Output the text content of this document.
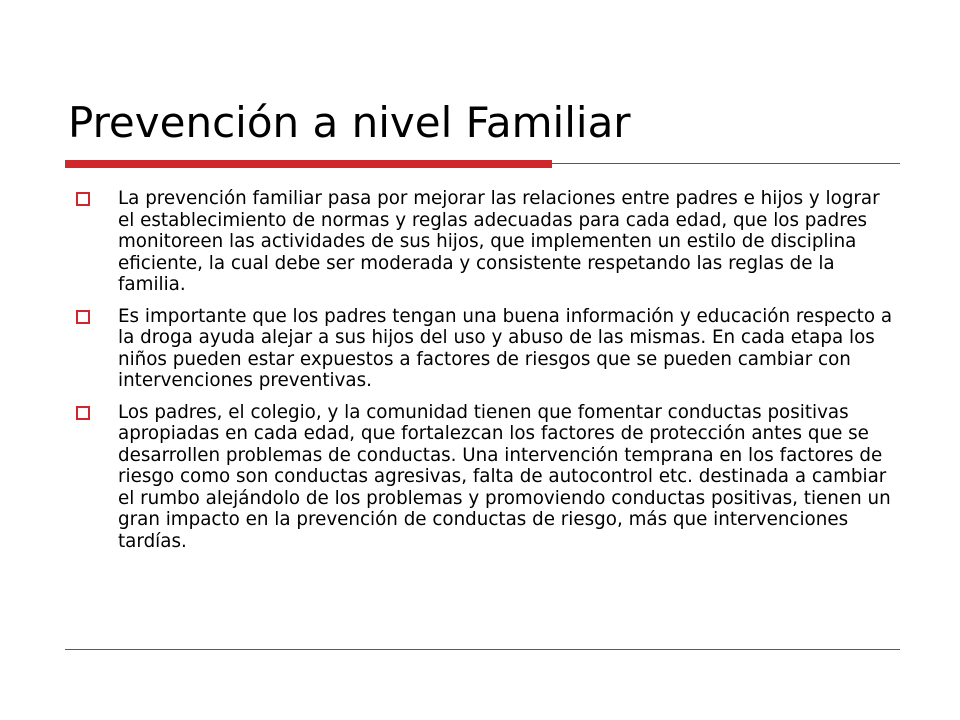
Prevención a nivel Familiar
La prevención familiar pasa por mejorar las relaciones entre padres e hijos y lograr el establecimiento de normas y reglas adecuadas para cada edad, que los padres monitoreen las actividades de sus hijos, que implementen un estilo de disciplina eficiente, la cual debe ser moderada y consistente respetando las reglas de la familia.
Es importante que los padres tengan una buena información y educación respecto a la droga ayuda alejar a sus hijos del uso y abuso de las mismas. En cada etapa los niños pueden estar expuestos a factores de riesgos que se pueden cambiar con intervenciones preventivas.
Los padres, el colegio, y la comunidad tienen que fomentar conductas positivas apropiadas en cada edad, que fortalezcan los factores de protección antes que se desarrollen problemas de conductas. Una intervención temprana en los factores de riesgo como son conductas agresivas, falta de autocontrol etc. destinada a cambiar el rumbo alejándolo de los problemas y promoviendo conductas positivas, tienen un gran impacto en la prevención de conductas de riesgo, más que intervenciones tardías.
